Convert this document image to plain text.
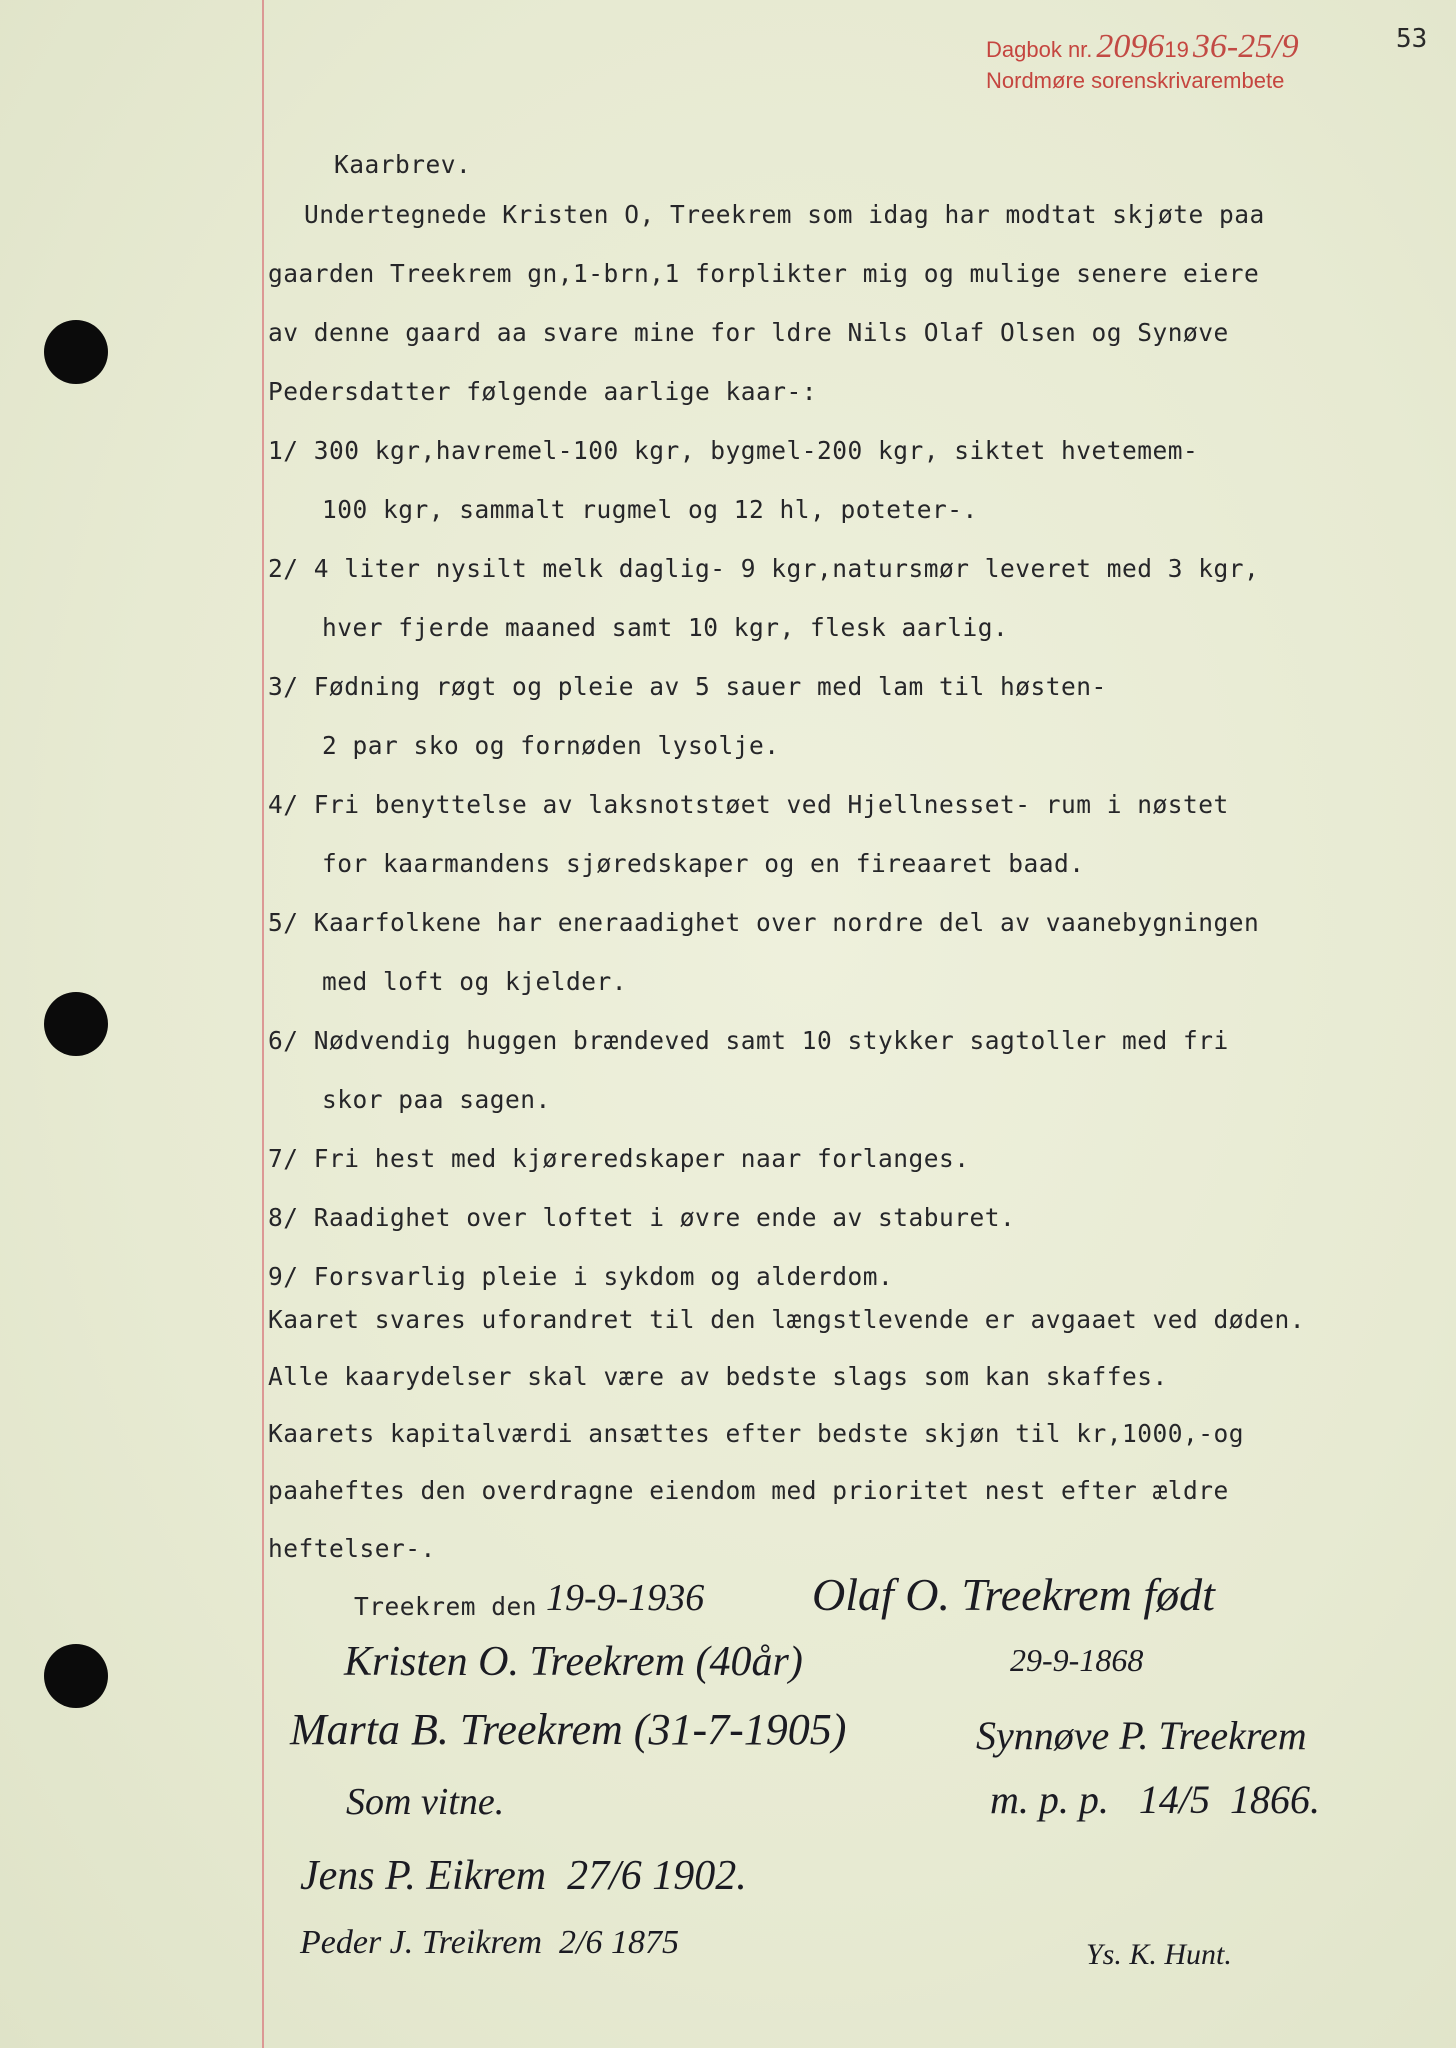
53
Dagbok nr. 209619 36-25/9
Nordmøre sorenskrivarembete

Kaarbrev.

Undertegnede Kristen O, Treekrem som idag har modtat skjøte paa

gaarden Treekrem gn,1-brn,1 forplikter mig og mulige senere eiere

av denne gaard aa svare mine for ldre Nils Olaf Olsen og Synøve

Pedersdatter følgende aarlige kaar-:

1/ 300 kgr,havremel-100 kgr, bygmel-200 kgr, siktet hvetemem-

100 kgr, sammalt rugmel og 12 hl, poteter-.

2/ 4 liter nysilt melk daglig- 9 kgr,natursmør leveret med 3 kgr,

hver fjerde maaned samt 10 kgr, flesk aarlig.

3/ Fødning røgt og pleie av 5 sauer med lam til høsten-

2 par sko og fornøden lysolje.

4/ Fri benyttelse av laksnotstøet ved Hjellnesset- rum i nøstet

for kaarmandens sjøredskaper og en fireaaret baad.

5/ Kaarfolkene har eneraadighet over nordre del av vaanebygningen

med loft og kjelder.

6/ Nødvendig huggen brændeved samt 10 stykker sagtoller med fri

skor paa sagen.

7/ Fri hest med kjøreredskaper naar forlanges.

8/ Raadighet over loftet i øvre ende av staburet.

9/ Forsvarlig pleie i sykdom og alderdom.

Kaaret svares uforandret til den længstlevende er avgaaet ved døden.

Alle kaarydelser skal være av bedste slags som kan skaffes.

Kaarets kapitalværdi ansættes efter bedste skjøn til kr,1000,-og

paaheftes den overdragne eiendom med prioritet nest efter ældre

heftelser-.

Treekrem den

19-9-1936 Olaf O. Treekrem født
Kristen O. Treekrem (40år)	29-9-1868
Marta B. Treekrem (31-7-1905)	Synnøve P. Treekrem
Som vitne.	m. p. p.   14/5  1866.
Jens P. Eikrem  27/6 1902.
Peder J. Treikrem  2/6 1875	Ys. K. Hunt.
